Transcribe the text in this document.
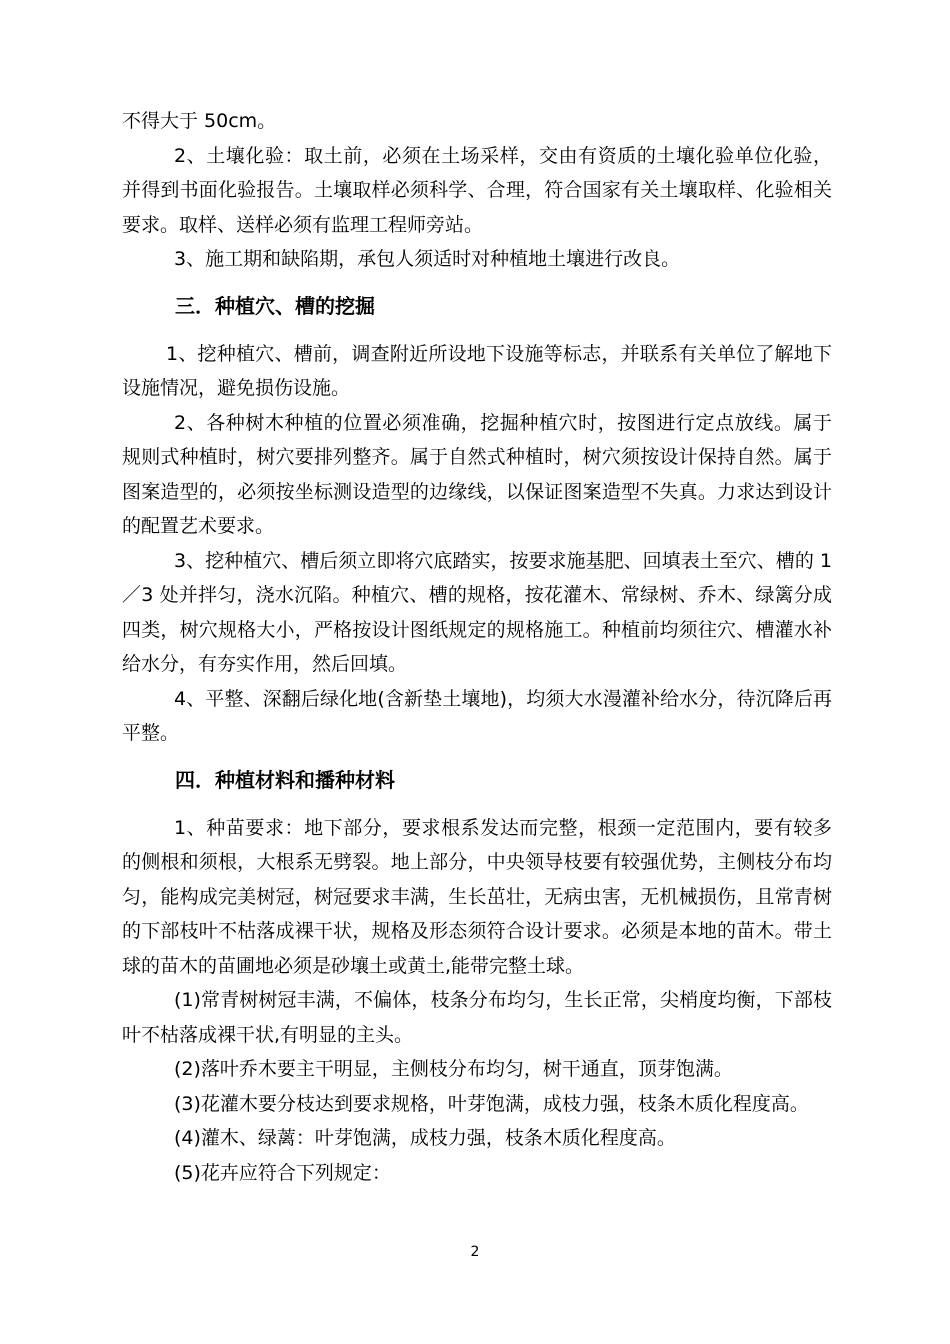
不得大于 50cm。

2、土壤化验：取土前，必须在土场采样，交由有资质的土壤化验单位化验，并得到书面化验报告。土壤取样必须科学、合理，符合国家有关土壤取样、化验相关要求。取样、送样必须有监理工程师旁站。

3、施工期和缺陷期，承包人须适时对种植地土壤进行改良。

三．种植穴、槽的挖掘

1、挖种植穴、槽前，调查附近所设地下设施等标志，并联系有关单位了解地下设施情况，避免损伤设施。

2、各种树木种植的位置必须准确，挖掘种植穴时，按图进行定点放线。属于规则式种植时，树穴要排列整齐。属于自然式种植时，树穴须按设计保持自然。属于图案造型的，必须按坐标测设造型的边缘线，以保证图案造型不失真。力求达到设计的配置艺术要求。

3、挖种植穴、槽后须立即将穴底踏实，按要求施基肥、回填表土至穴、槽的 1／3 处并拌匀，浇水沉陷。种植穴、槽的规格，按花灌木、常绿树、乔木、绿篱分成四类，树穴规格大小，严格按设计图纸规定的规格施工。种植前均须往穴、槽灌水补给水分，有夯实作用，然后回填。

4、平整、深翻后绿化地(含新垫土壤地)，均须大水漫灌补给水分，待沉降后再平整。

四．种植材料和播种材料

1、种苗要求：地下部分，要求根系发达而完整，根颈一定范围内，要有较多的侧根和须根，大根系无劈裂。地上部分，中央领导枝要有较强优势，主侧枝分布均匀，能构成完美树冠，树冠要求丰满，生长茁壮，无病虫害，无机械损伤，且常青树的下部枝叶不枯落成裸干状，规格及形态须符合设计要求。必须是本地的苗木。带土球的苗木的苗圃地必须是砂壤土或黄土,能带完整土球。

(1)常青树树冠丰满，不偏体，枝条分布均匀，生长正常，尖梢度均衡，下部枝叶不枯落成裸干状,有明显的主头。

(2)落叶乔木要主干明显，主侧枝分布均匀，树干通直，顶芽饱满。

(3)花灌木要分枝达到要求规格，叶芽饱满，成枝力强，枝条木质化程度高。

(4)灌木、绿蓠：叶芽饱满，成枝力强，枝条木质化程度高。

(5)花卉应符合下列规定：

2
